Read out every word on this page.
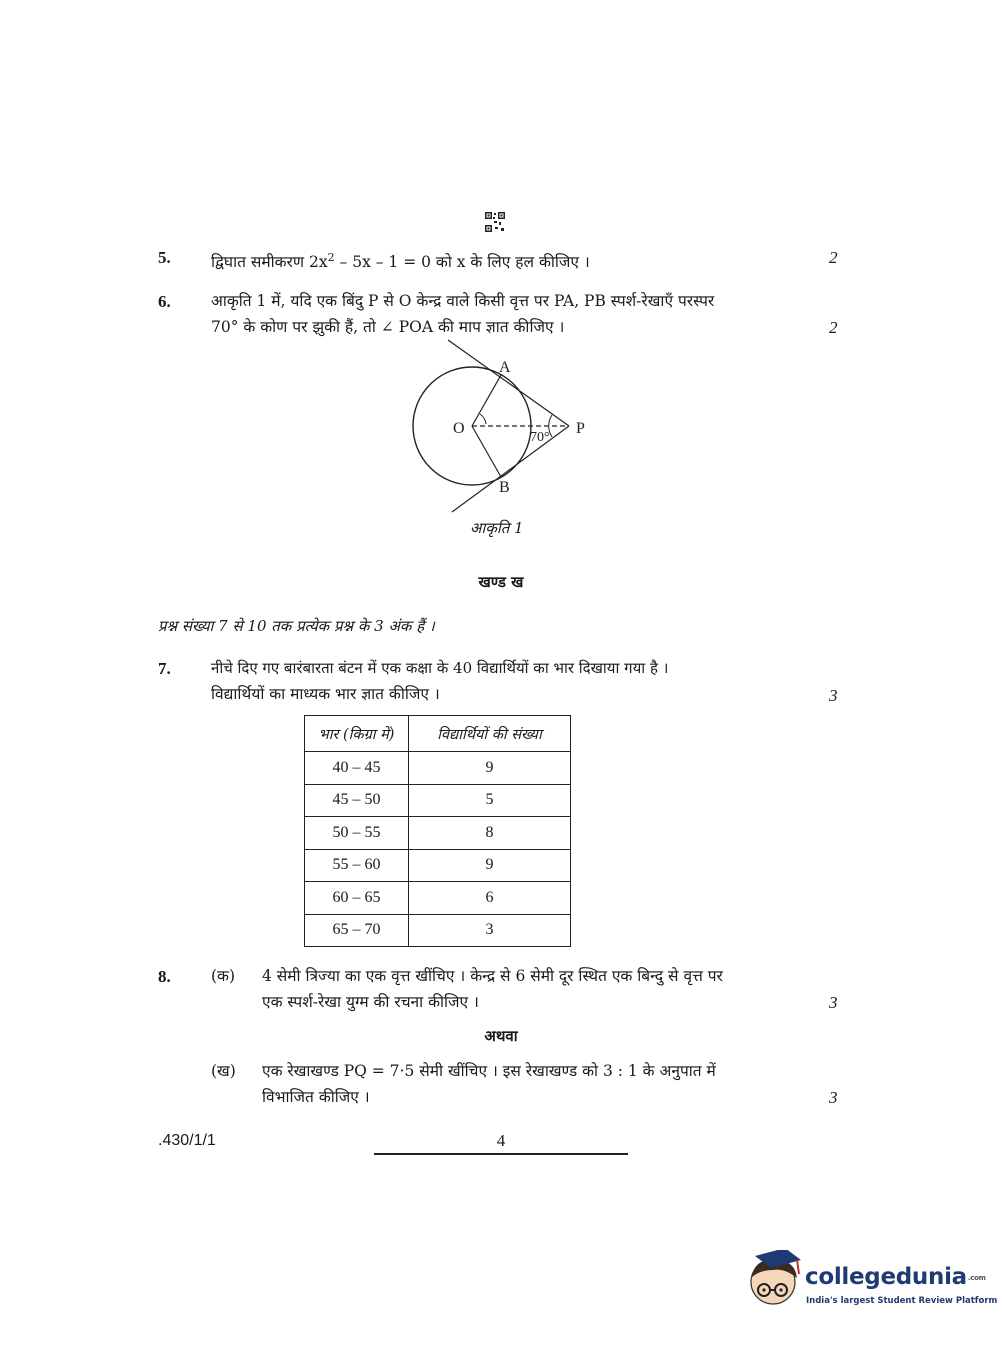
5.	द्विघात समीकरण $2x^2 - 5x - 1 = 0$ को x के लिए हल कीजिए ।	2
6.	आकृति 1 में, यदि एक बिंदु P से O केन्द्र वाले किसी वृत्त पर PA, PB स्पर्श-रेखाएँ परस्पर
70° के कोण पर झुकी हैं, तो ∠ POA की माप ज्ञात कीजिए ।	2
A
B
O	P
70°
आकृति 1
खण्ड ख
प्रश्न संख्या 7 से 10 तक प्रत्येक प्रश्न के 3 अंक हैं ।
7.	नीचे दिए गए बारंबारता बंटन में एक कक्षा के 40 विद्यार्थियों का भार दिखाया गया है ।
विद्यार्थियों का माध्यक भार ज्ञात कीजिए ।	3
भार (किग्रा में)	विद्यार्थियों की संख्या
40 – 45	9
45 – 50	5
50 – 55	8
55 – 60	9
60 – 65	6
65 – 70	3
8.	(क) 4 सेमी त्रिज्या का एक वृत्त खींचिए । केन्द्र से 6 सेमी दूर स्थित एक बिन्दु से वृत्त पर
एक स्पर्श-रेखा युग्म की रचना कीजिए ।	3
अथवा
(ख) एक रेखाखण्ड PQ = 7·5 सेमी खींचिए । इस रेखाखण्ड को 3 : 1 के अनुपात में
विभाजित कीजिए ।	3
.430/1/1	4
collegedunia.com
India's largest Student Review Platform
